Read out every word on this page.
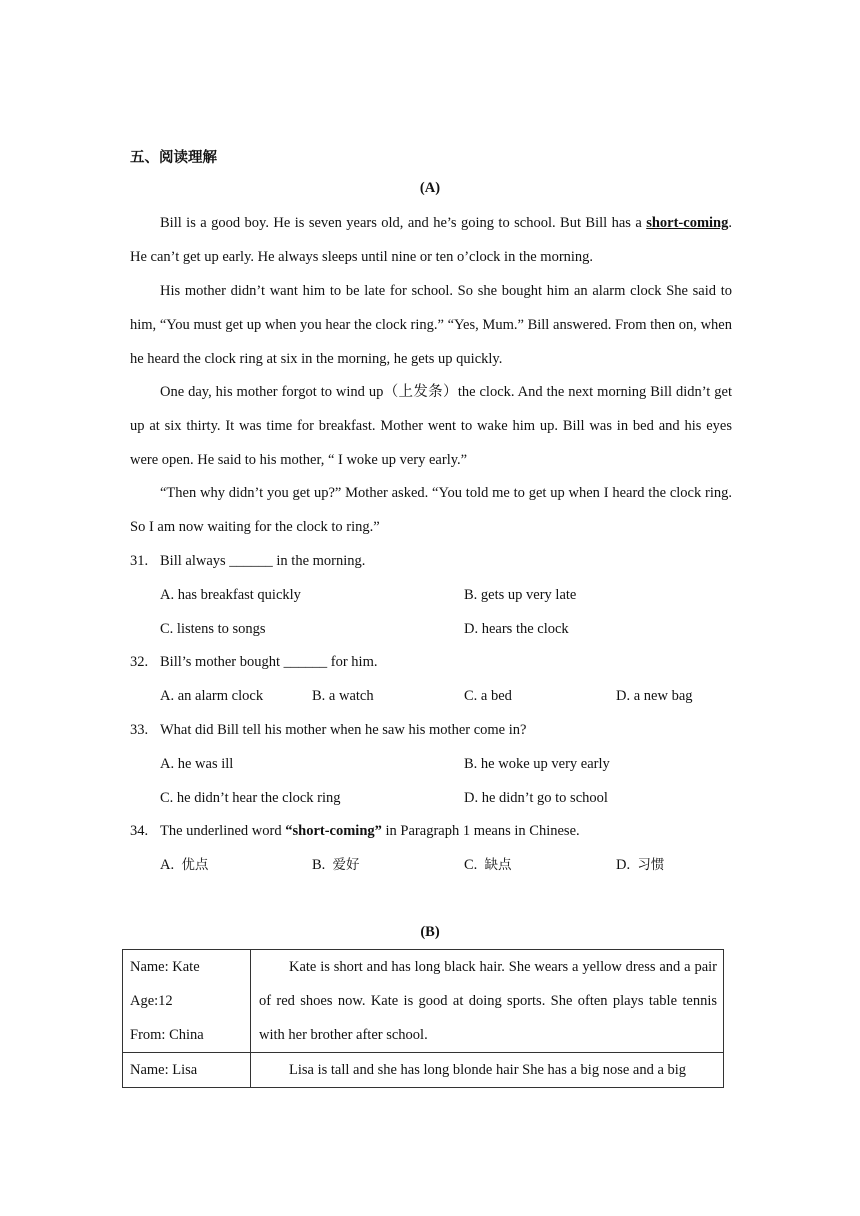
五、阅读理解
(A)

Bill is a good boy. He is seven years old, and he’s going to school. But Bill has a short-coming. He can’t get up early. He always sleeps until nine or ten o’clock in the morning.

His mother didn’t want him to be late for school. So she bought him an alarm clock She said to him, “You must get up when you hear the clock ring.” “Yes, Mum.” Bill answered. From then on, when he heard the clock ring at six in the morning, he gets up quickly.

One day, his mother forgot to wind up（上发条）the clock. And the next morning Bill didn’t get up at six thirty. It was time for breakfast. Mother went to wake him up. Bill was in bed and his eyes were open. He said to his mother, “ I woke up very early.”

“Then why didn’t you get up?” Mother asked. “You told me to get up when I heard the clock ring. So I am now waiting for the clock to ring.”

31. Bill always ______ in the morning.
A. has breakfast quickly	B. gets up very late
C. listens to songs	D. hears the clock
32. Bill’s mother bought ______ for him.
A. an alarm clock	B. a watch	C. a bed	D. a new bag
33. What did Bill tell his mother when he saw his mother come in?
A. he was ill	B. he woke up very early
C. he didn’t hear the clock ring	D. he didn’t go to school
34. The underlined word “short-coming” in Paragraph 1 means in Chinese.
A. 优点	B. 爱好	C. 缺点	D. 习惯
(B)
Name: Kate
Age:12
From: China	Kate is short and has long black hair. She wears a yellow dress and a pair of red shoes now. Kate is good at doing sports. She often plays table tennis with her brother after school.

Name: Lisa	Lisa is tall and she has long blonde hair She has a big nose and a big
